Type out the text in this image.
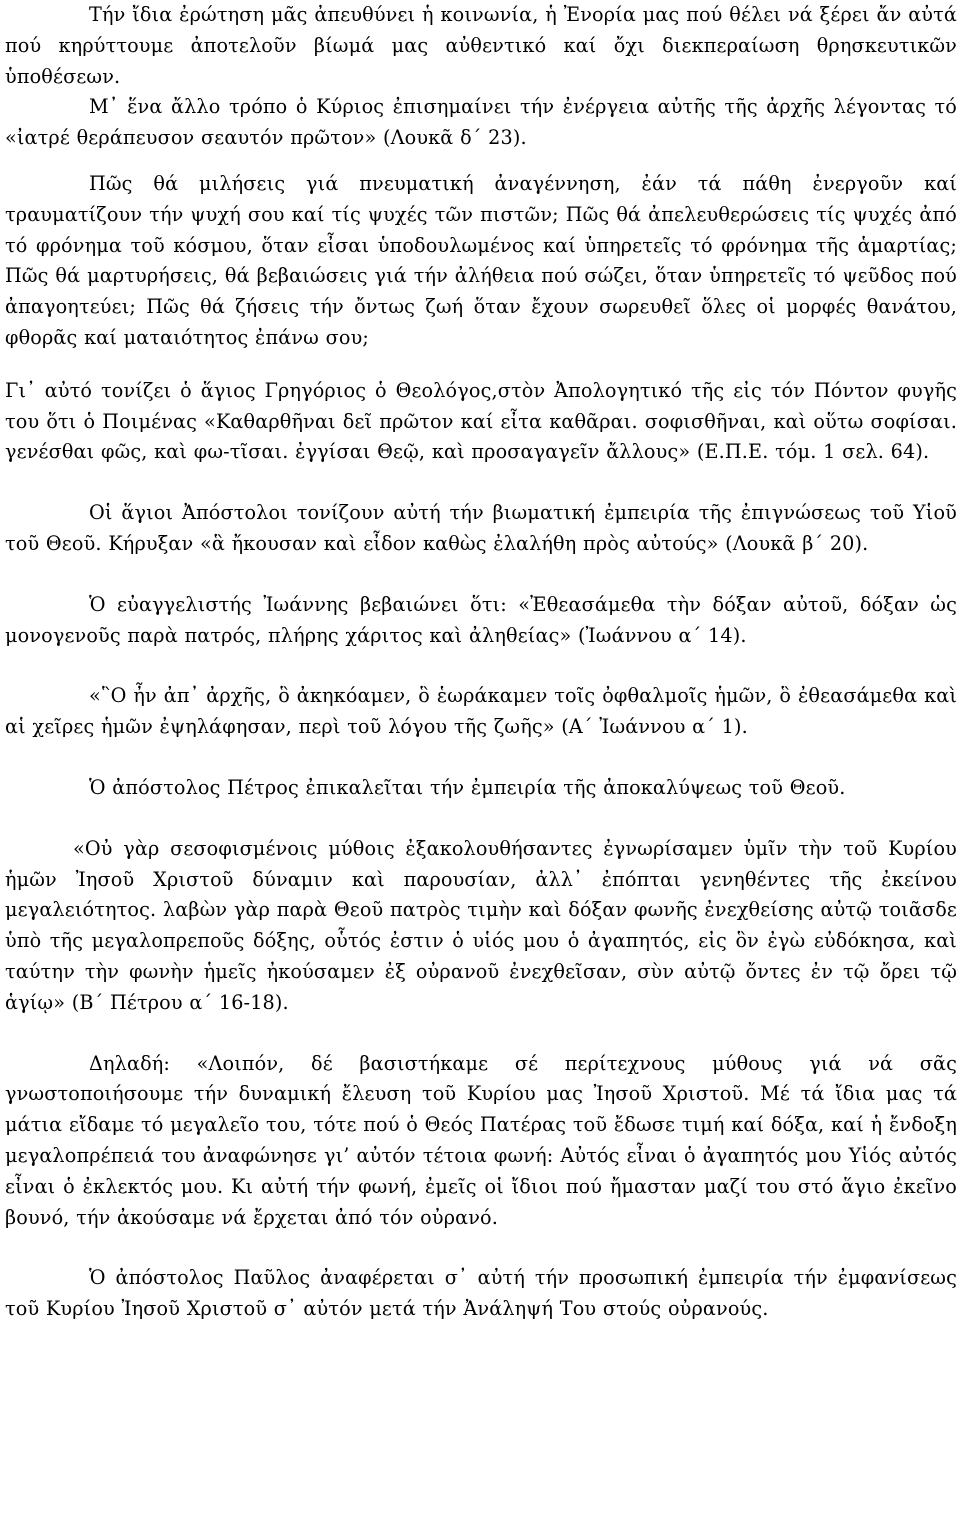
Τήν ἴδια ἐρώτηση μᾶς ἀπευθύνει ἡ κοινωνία, ἡ Ἐνορία μας πού θέλει νά ξέρει ἄν αὐτά πού κηρύττουμε ἀποτελοῦν βίωμά μας αὐθεντικό καί ὄχι διεκπεραίωση θρησκευτικῶν ὑποθέσεων.

Μ᾽ ἕνα ἄλλο τρόπο ὁ Κύριος ἐπισημαίνει τήν ἐνέργεια αὐτῆς τῆς ἀρχῆς λέγοντας τό «ἰατρέ θεράπευσον σεαυτόν πρῶτον» (Λουκᾶ δ΄ 23).

Πῶς θά μιλήσεις γιά πνευματική ἀναγέννηση, ἐάν τά πάθη ἐνεργοῦν καί τραυματίζουν τήν ψυχή σου καί τίς ψυχές τῶν πιστῶν; Πῶς θά ἀπελευθερώσεις τίς ψυχές ἀπό τό φρόνημα τοῦ κόσμου, ὅταν εἶσαι ὑποδουλωμένος καί ὑπηρετεῖς τό φρόνημα τῆς ἁμαρτίας; Πῶς θά μαρτυρήσεις, θά βεβαιώσεις γιά τήν ἀλήθεια πού σώζει, ὅταν ὑπηρετεῖς τό ψεῦδος πού ἀπαγοητεύει; Πῶς θά ζήσεις τήν ὄντως ζωή ὅταν ἔχουν σωρευθεῖ ὅλες οἱ μορφές θανάτου, φθορᾶς καί ματαιότητος ἐπάνω σου;

Γι᾽ αὐτό τονίζει ὁ ἅγιος Γρηγόριος ὁ Θεολόγος,στὸν Ἀπολογητικό τῆς εἰς τόν Πόντον φυγῆς του ὅτι ὁ Ποιμένας «Καθαρθῆναι δεῖ πρῶτον καί εἶτα καθᾶραι. σοφισθῆναι, καὶ οὕτω σοφίσαι. γενέσθαι φῶς, καὶ φω-τῖσαι. ἐγγίσαι Θεῷ, καὶ προσαγαγεῖν ἄλλους» (Ε.Π.Ε. τόμ. 1 σελ. 64).

Οἱ ἅγιοι Ἀπόστολοι τονίζουν αὐτή τήν βιωματική ἐμπειρία τῆς ἐπιγνώσεως τοῦ Υἱοῦ τοῦ Θεοῦ. Κήρυξαν «ἃ ἤκουσαν καὶ εἶδον καθὼς ἐλαλήθη πρὸς αὐτούς» (Λουκᾶ β΄ 20).

Ὁ εὐαγγελιστής Ἰωάννης βεβαιώνει ὅτι: «Ἐθεασάμεθα τὴν δόξαν αὐτοῦ, δόξαν ὡς μονογενοῦς παρὰ πατρός, πλήρης χάριτος καὶ ἀληθείας» (Ἰωάννου α΄ 14).

«῝Ο ἦν ἀπ᾽ ἀρχῆς, ὃ ἀκηκόαμεν, ὃ ἑωράκαμεν τοῖς ὀφθαλμοῖς ἡμῶν, ὃ ἐθεασάμεθα καὶ αἱ χεῖρες ἡμῶν ἐψηλάφησαν, περὶ τοῦ λόγου τῆς ζωῆς» (Α΄ Ἰωάννου α΄ 1).

Ὁ ἀπόστολος Πέτρος ἐπικαλεῖται τήν ἐμπειρία τῆς ἀποκαλύψεως τοῦ Θεοῦ.

«Οὐ γὰρ σεσοφισμένοις μύθοις ἐξακολουθήσαντες ἐγνωρίσαμεν ὑμῖν τὴν τοῦ Κυρίου ἡμῶν Ἰησοῦ Χριστοῦ δύναμιν καὶ παρουσίαν, ἀλλ᾽ ἐπόπται γενηθέντες τῆς ἐκείνου μεγαλειότητος. λαβὼν γὰρ παρὰ Θεοῦ πατρὸς τιμὴν καὶ δόξαν φωνῆς ἐνεχθείσης αὐτῷ τοιᾶσδε ὑπὸ τῆς μεγαλοπρεποῦς δόξης, οὗτός ἐστιν ὁ υἱός μου ὁ ἀγαπητός, εἰς ὃν ἐγὼ εὐδόκησα, καὶ ταύτην τὴν φωνὴν ἡμεῖς ἠκούσαμεν ἐξ οὐρανοῦ ἐνεχθεῖσαν, σὺν αὐτῷ ὄντες ἐν τῷ ὄρει τῷ ἁγίῳ» (Β΄ Πέτρου α΄ 16-18).

Δηλαδή: «Λοιπόν, δέ βασιστήκαμε σέ περίτεχνους μύθους γιά νά σᾶς γνωστοποιήσουμε τήν δυναμική ἔλευση τοῦ Κυρίου μας Ἰησοῦ Χριστοῦ. Μέ τά ἴδια μας τά μάτια εἴδαμε τό μεγαλεῖο του, τότε πού ὁ Θεός Πατέρας τοῦ ἔδωσε τιμή καί δόξα, καί ἡ ἔνδοξη μεγαλοπρέπειά του ἀναφώνησε γι’ αὐτόν τέτοια φωνή: Αὐτός εἶναι ὁ ἀγαπητός μου Υἱός αὐτός εἶναι ὁ ἐκλεκτός μου. Κι αὐτή τήν φωνή, ἐμεῖς οἱ ἴδιοι πού ἤμασταν μαζί του στό ἅγιο ἐκεῖνο βουνό, τήν ἀκούσαμε νά ἔρχεται ἀπό τόν οὐρανό.

Ὁ ἀπόστολος Παῦλος ἀναφέρεται σ᾽ αὐτή τήν προσωπική ἐμπειρία τήν ἐμφανίσεως τοῦ Κυρίου Ἰησοῦ Χριστοῦ σ᾽ αὐτόν μετά τήν Ἀνάληψή Του στούς οὐρανούς.
